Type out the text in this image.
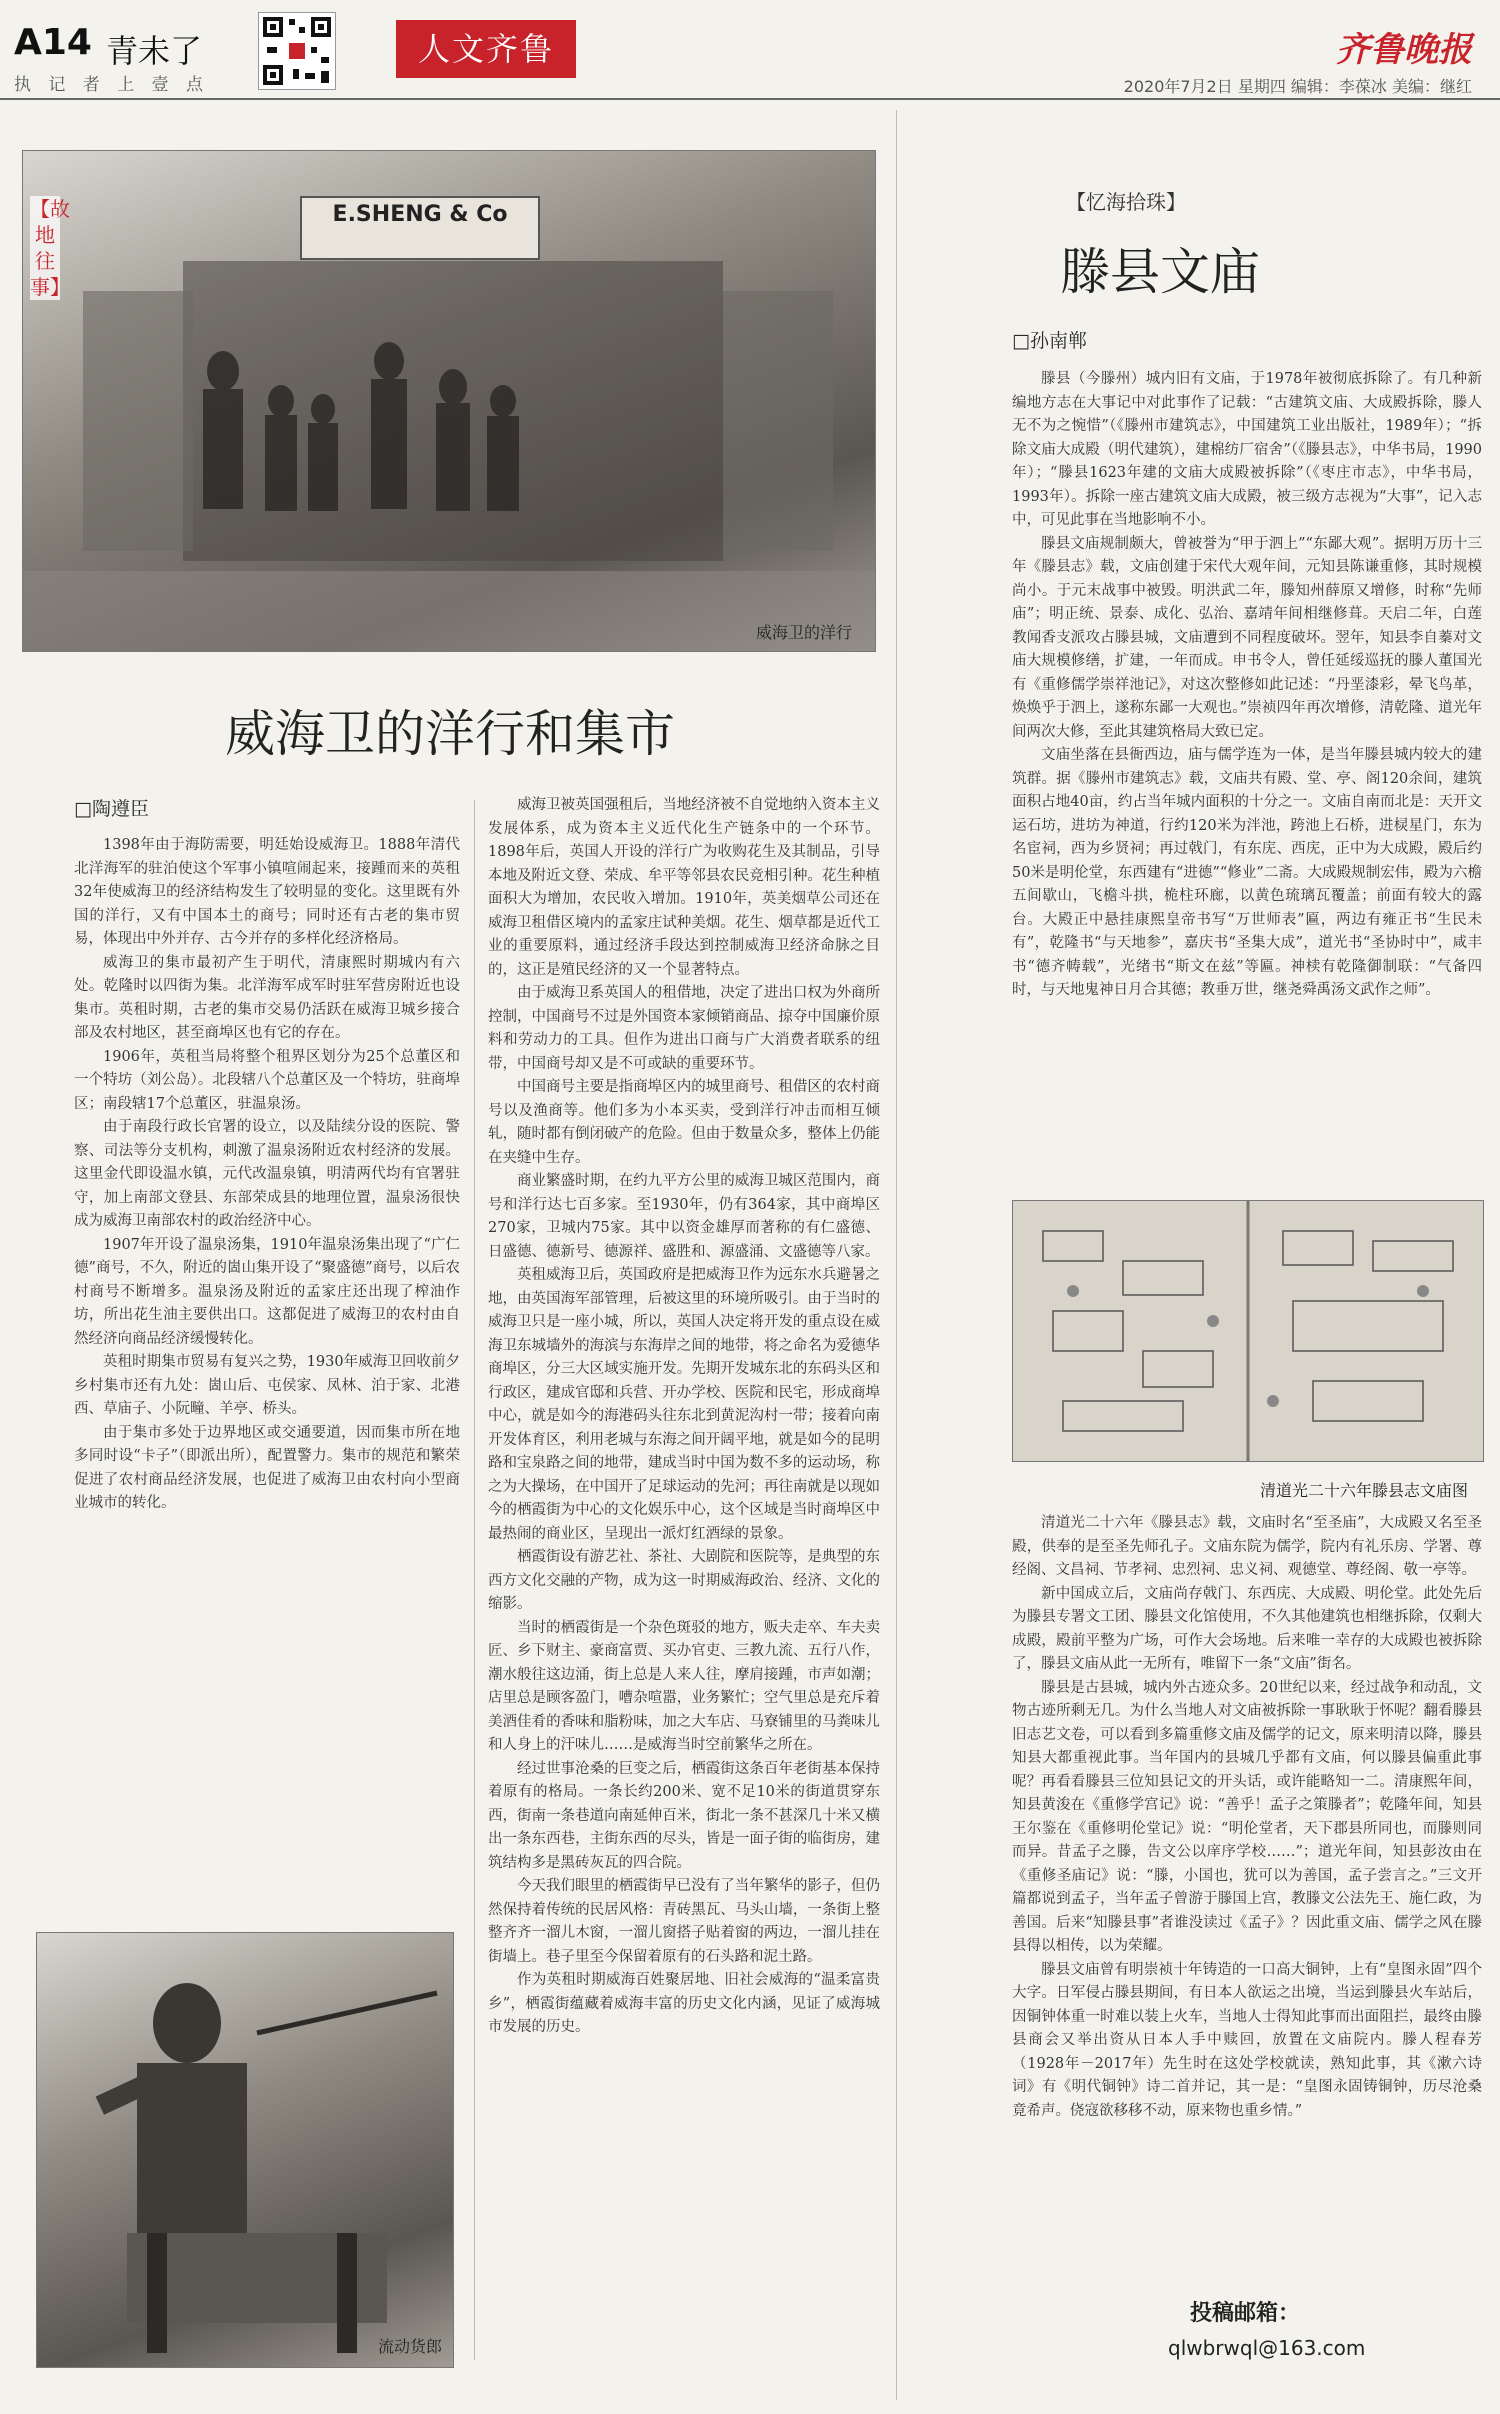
A14 青未了
执 记 者 上 壹 点
人文齐鲁	齐鲁晚报
2020年7月2日 星期四 编辑：李葆冰 美编：继红
E.SHENG & Co
【故地往事】
威海卫的洋行
威海卫的洋行和集市
□陶遵臣

1398年由于海防需要，明廷始设威海卫。1888年清代北洋海军的驻泊使这个军事小镇喧闹起来，接踵而来的英租32年使威海卫的经济结构发生了较明显的变化。这里既有外国的洋行，又有中国本土的商号；同时还有古老的集市贸易，体现出中外并存、古今并存的多样化经济格局。

威海卫的集市最初产生于明代，清康熙时期城内有六处。乾隆时以四街为集。北洋海军成军时驻军营房附近也设集市。英租时期，古老的集市交易仍活跃在威海卫城乡接合部及农村地区，甚至商埠区也有它的存在。

1906年，英租当局将整个租界区划分为25个总董区和一个特坊（刘公岛）。北段辖八个总董区及一个特坊，驻商埠区；南段辖17个总董区，驻温泉汤。

由于南段行政长官署的设立，以及陆续分设的医院、警察、司法等分支机构，刺激了温泉汤附近农村经济的发展。这里金代即设温水镇，元代改温泉镇，明清两代均有官署驻守，加上南部文登县、东部荣成县的地理位置，温泉汤很快成为威海卫南部农村的政治经济中心。

1907年开设了温泉汤集，1910年温泉汤集出现了“广仁德”商号，不久，附近的崮山集开设了“聚盛德”商号，以后农村商号不断增多。温泉汤及附近的孟家庄还出现了榨油作坊，所出花生油主要供出口。这都促进了威海卫的农村由自然经济向商品经济缓慢转化。

英租时期集市贸易有复兴之势，1930年威海卫回收前夕乡村集市还有九处：崮山后、屯侯家、凤林、泊于家、北港西、草庙子、小阮疃、羊亭、桥头。

由于集市多处于边界地区或交通要道，因而集市所在地多同时设“卡子”（即派出所），配置警力。集市的规范和繁荣促进了农村商品经济发展，也促进了威海卫由农村向小型商业城市的转化。

威海卫被英国强租后，当地经济被不自觉地纳入资本主义发展体系，成为资本主义近代化生产链条中的一个环节。1898年后，英国人开设的洋行广为收购花生及其制品，引导本地及附近文登、荣成、牟平等邻县农民竞相引种。花生种植面积大为增加，农民收入增加。1910年，英美烟草公司还在威海卫租借区境内的孟家庄试种美烟。花生、烟草都是近代工业的重要原料，通过经济手段达到控制威海卫经济命脉之目的，这正是殖民经济的又一个显著特点。

由于威海卫系英国人的租借地，决定了进出口权为外商所控制，中国商号不过是外国资本家倾销商品、掠夺中国廉价原料和劳动力的工具。但作为进出口商与广大消费者联系的纽带，中国商号却又是不可或缺的重要环节。

中国商号主要是指商埠区内的城里商号、租借区的农村商号以及渔商等。他们多为小本买卖，受到洋行冲击而相互倾轧，随时都有倒闭破产的危险。但由于数量众多，整体上仍能在夹缝中生存。

商业繁盛时期，在约九平方公里的威海卫城区范围内，商号和洋行达七百多家。至1930年，仍有364家，其中商埠区270家，卫城内75家。其中以资金雄厚而著称的有仁盛德、日盛德、德新号、德源祥、盛胜和、源盛涌、文盛德等八家。

英租威海卫后，英国政府是把威海卫作为远东水兵避暑之地，由英国海军部管理，后被这里的环境所吸引。由于当时的威海卫只是一座小城，所以，英国人决定将开发的重点设在威海卫东城墙外的海滨与东海岸之间的地带，将之命名为爱德华商埠区，分三大区域实施开发。先期开发城东北的东码头区和行政区，建成官邸和兵营、开办学校、医院和民宅，形成商埠中心，就是如今的海港码头往东北到黄泥沟村一带；接着向南开发体育区，利用老城与东海之间开阔平地，就是如今的昆明路和宝泉路之间的地带，建成当时中国为数不多的运动场，称之为大操场，在中国开了足球运动的先河；再往南就是以现如今的栖霞街为中心的文化娱乐中心，这个区域是当时商埠区中最热闹的商业区，呈现出一派灯红酒绿的景象。

栖霞街设有游艺社、茶社、大剧院和医院等，是典型的东西方文化交融的产物，成为这一时期威海政治、经济、文化的缩影。

当时的栖霞街是一个杂色斑驳的地方，贩夫走卒、车夫卖匠、乡下财主、豪商富贾、买办官吏、三教九流、五行八作，潮水般往这边涌，街上总是人来人往，摩肩接踵，市声如潮；店里总是顾客盈门，嘈杂喧嚣，业务繁忙；空气里总是充斥着美酒佳肴的香味和脂粉味，加之大车店、马寮铺里的马粪味儿和人身上的汗味儿……是威海当时空前繁华之所在。

经过世事沧桑的巨变之后，栖霞街这条百年老街基本保持着原有的格局。一条长约200米、宽不足10米的街道贯穿东西，街南一条巷道向南延伸百米，街北一条不甚深几十米又横出一条东西巷，主街东西的尽头，皆是一面子街的临街房，建筑结构多是黑砖灰瓦的四合院。

今天我们眼里的栖霞街早已没有了当年繁华的影子，但仍然保持着传统的民居风格：青砖黑瓦、马头山墙，一条街上整整齐齐一溜儿木窗，一溜儿窗搭子贴着窗的两边，一溜儿挂在街墙上。巷子里至今保留着原有的石头路和泥土路。

作为英租时期威海百姓聚居地、旧社会威海的“温柔富贵乡”，栖霞街蕴藏着威海丰富的历史文化内涵，见证了威海城市发展的历史。

流动货郎
【忆海拾珠】
滕县文庙
□孙南郸

滕县（今滕州）城内旧有文庙，于1978年被彻底拆除了。有几种新编地方志在大事记中对此事作了记载：“古建筑文庙、大成殿拆除，滕人无不为之惋惜”（《滕州市建筑志》，中国建筑工业出版社，1989年）；“拆除文庙大成殿（明代建筑），建棉纺厂宿舍”（《滕县志》，中华书局，1990年）；“滕县1623年建的文庙大成殿被拆除”（《枣庄市志》，中华书局，1993年）。拆除一座古建筑文庙大成殿，被三级方志视为“大事”，记入志中，可见此事在当地影响不小。

滕县文庙规制颇大，曾被誉为“甲于泗上”“东鄙大观”。据明万历十三年《滕县志》载，文庙创建于宋代大观年间，元知县陈谦重修，其时规模尚小。于元末战事中被毁。明洪武二年，滕知州薛原又增修，时称“先师庙”；明正统、景泰、成化、弘治、嘉靖年间相继修葺。天启二年，白莲教闻香支派攻占滕县城，文庙遭到不同程度破坏。翌年，知县李自蓁对文庙大规模修缮，扩建，一年而成。申书令人，曾任延绥巡抚的滕人董国光有《重修儒学崇祥池记》，对这次整修如此记述：“丹垩漆彩，晕飞鸟革，焕焕乎于泗上，遂称东鄙一大观也。”崇祯四年再次增修，清乾隆、道光年间两次大修，至此其建筑格局大致已定。

文庙坐落在县衙西边，庙与儒学连为一体，是当年滕县城内较大的建筑群。据《滕州市建筑志》载，文庙共有殿、堂、亭、阁120余间，建筑面积占地40亩，约占当年城内面积的十分之一。文庙自南而北是：天开文运石坊，进坊为神道，行约120米为泮池，跨池上石桥，进棂星门，东为名宦祠，西为乡贤祠；再过戟门，有东庑、西庑，正中为大成殿，殿后约50米是明伦堂，东西建有“进德”“修业”二斋。大成殿规制宏伟，殿为六檐五间歇山，飞檐斗拱，桅柱环廊，以黄色琉璃瓦覆盖；前面有较大的露台。大殿正中悬挂康熙皇帝书写“万世师表”匾，两边有雍正书“生民未有”，乾隆书“与天地参”，嘉庆书“圣集大成”，道光书“圣协时中”，咸丰书“德齐帱载”，光绪书“斯文在兹”等匾。神椟有乾隆御制联：“气备四时，与天地鬼神日月合其德；教垂万世，继尧舜禹汤文武作之师”。

清道光二十六年滕县志文庙图

清道光二十六年《滕县志》载，文庙时名“至圣庙”，大成殿又名至圣殿，供奉的是至圣先师孔子。文庙东院为儒学，院内有礼乐房、学署、尊经阁、文昌祠、节孝祠、忠烈祠、忠义祠、观德堂、尊经阁、敬一亭等。

新中国成立后，文庙尚存戟门、东西庑、大成殿、明伦堂。此处先后为滕县专署文工团、滕县文化馆使用，不久其他建筑也相继拆除，仅剩大成殿，殿前平整为广场，可作大会场地。后来唯一幸存的大成殿也被拆除了，滕县文庙从此一无所有，唯留下一条“文庙”街名。

滕县是古县城，城内外古迹众多。20世纪以来，经过战争和动乱，文物古迹所剩无几。为什么当地人对文庙被拆除一事耿耿于怀呢？翻看滕县旧志艺文卷，可以看到多篇重修文庙及儒学的记文，原来明清以降，滕县知县大都重视此事。当年国内的县城几乎都有文庙，何以滕县偏重此事呢？再看看滕县三位知县记文的开头话，或许能略知一二。清康熙年间，知县黄浚在《重修学宫记》说：“善乎！孟子之策滕者”；乾隆年间，知县王尔鉴在《重修明伦堂记》说：“明伦堂者，天下郡县所同也，而滕则同而异。昔孟子之滕，告文公以庠序学校……”；道光年间，知县彭汝由在《重修圣庙记》说：“滕，小国也，犹可以为善国，孟子尝言之。”三文开篇都说到孟子，当年孟子曾游于滕国上宫，教滕文公法先王、施仁政，为善国。后来“知滕县事”者谁没读过《孟子》？因此重文庙、儒学之风在滕县得以相传，以为荣耀。

滕县文庙曾有明崇祯十年铸造的一口高大铜钟，上有“皇图永固”四个大字。日军侵占滕县期间，有日本人欲运之出境，当运到滕县火车站后，因铜钟体重一时难以装上火车，当地人士得知此事而出面阻拦，最终由滕县商会又举出资从日本人手中赎回，放置在文庙院内。滕人程春芳（1928年－2017年）先生时在这处学校就读，熟知此事，其《漱六诗词》有《明代铜钟》诗二首并记，其一是：“皇图永固铸铜钟，历尽沧桑竟希声。侥寇欲移移不动，原来物也重乡情。”

投稿邮箱：
qlwbrwql@163.com
